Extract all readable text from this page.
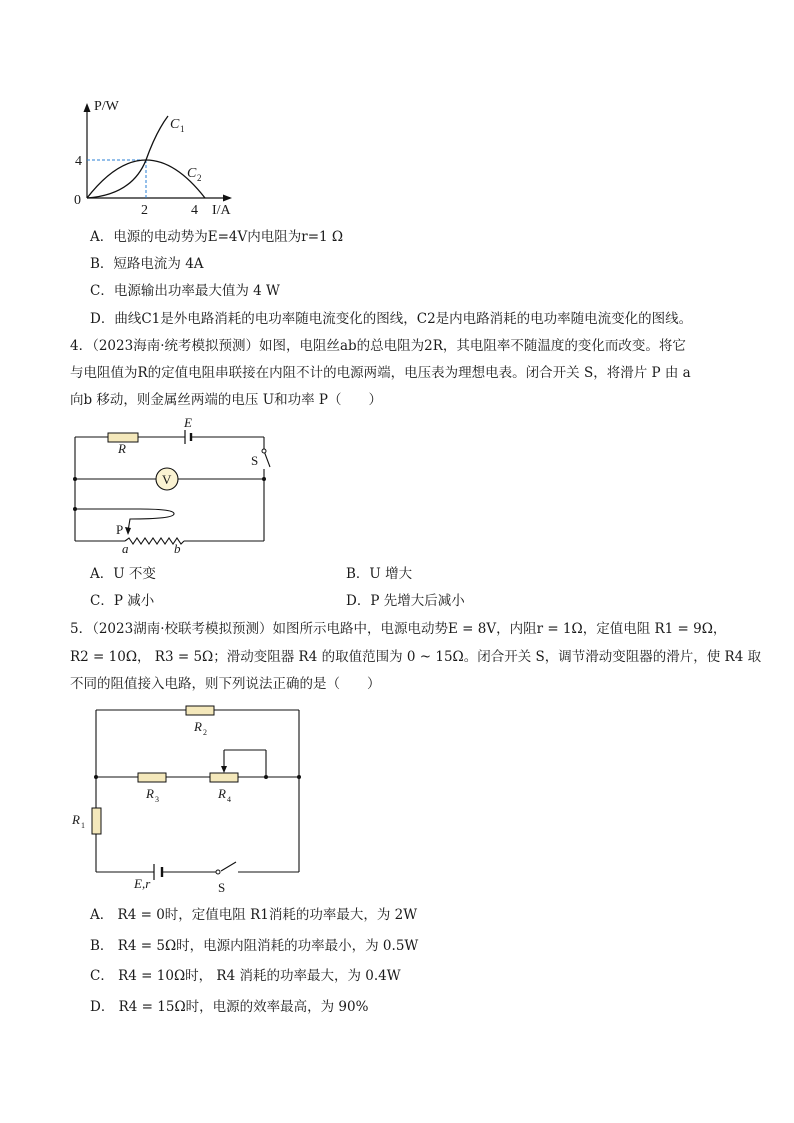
P/W
I/A
0
4
2	4
C 1
C 2
A．电源的电动势为E=4V内电阻为r=1 Ω
B．短路电流为 4A
C．电源输出功率最大值为 4 W
D．曲线C1是外电路消耗的电功率随电流变化的图线，C2是内电路消耗的电功率随电流变化的图线。
4．（2023海南·统考模拟预测）如图，电阻丝ab的总电阻为2R，其电阻率不随温度的变化而改变。将它
与电阻值为R的定值电阻串联接在内阻不计的电源两端，电压表为理想电表。闭合开关 S，将滑片 P 由 a
向b 移动，则金属丝两端的电压 U和功率 P（　　）
V
R
E
S
P
a	b
A．U 不变	B．U 增大
C．P 减小	D．P 先增大后减小
5．（2023湖南·校联考模拟预测）如图所示电路中，电源电动势E = 8V，内阻r = 1Ω，定值电阻 R1 = 9Ω，
R2 = 10Ω， R3 = 5Ω；滑动变阻器 R4 的取值范围为 0 ~ 15Ω。闭合开关 S，调节滑动变阻器的滑片，使 R4 取
不同的阻值接入电路，则下列说法正确的是（　　）
R 2
R 3	R 4
R 1
E,r	S
A． R4 = 0时，定值电阻 R1消耗的功率最大，为 2W
B． R4 = 5Ω时，电源内阻消耗的功率最小，为 0.5W
C． R4 = 10Ω时， R4 消耗的功率最大，为 0.4W
D． R4 = 15Ω时，电源的效率最高，为 90%
